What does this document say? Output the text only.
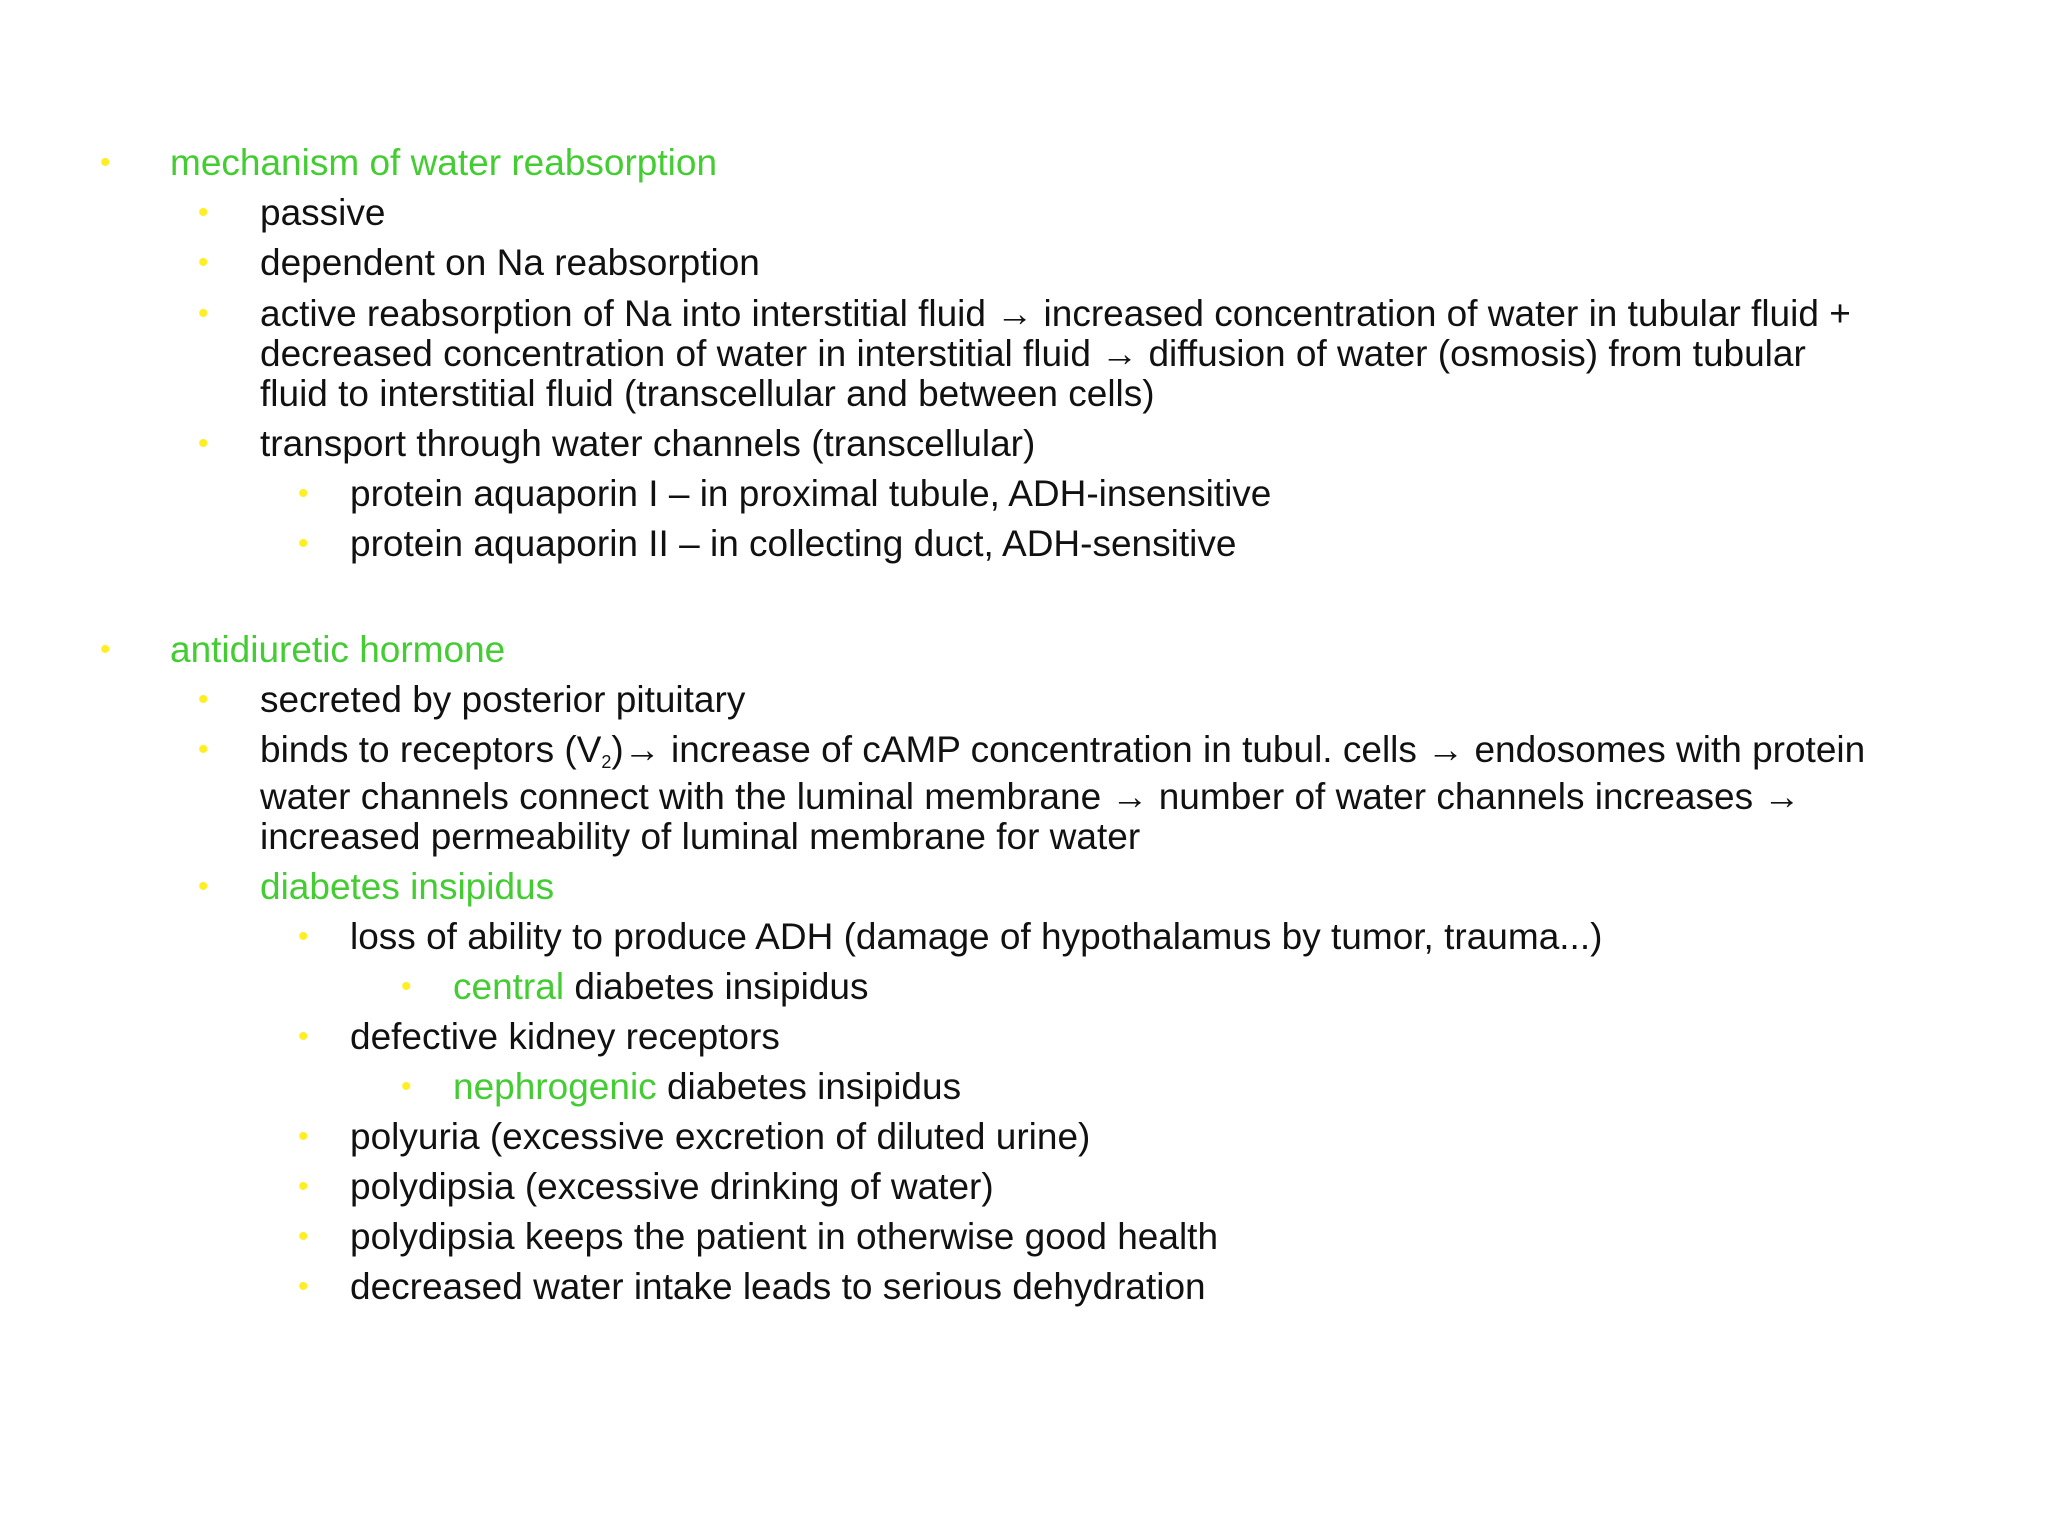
• mechanism of water reabsorption
• passive
• dependent on Na reabsorption
• active reabsorption of Na into interstitial fluid → increased concentration of water in tubular fluid +
decreased concentration of water in interstitial fluid → diffusion of water (osmosis) from tubular
fluid to interstitial fluid (transcellular and between cells)
• transport through water channels (transcellular)
• protein aquaporin I – in proximal tubule, ADH-insensitive
• protein aquaporin II – in collecting duct, ADH-sensitive
• antidiuretic hormone
• secreted by posterior pituitary
• binds to receptors $(V_2)\to$ increase of cAMP concentration in tubul. cells → endosomes with protein
water channels connect with the luminal membrane → number of water channels increases →
increased permeability of luminal membrane for water
• diabetes insipidus
• loss of ability to produce ADH (damage of hypothalamus by tumor, trauma...)
• central diabetes insipidus
• defective kidney receptors
• nephrogenic diabetes insipidus
• polyuria (excessive excretion of diluted urine)
• polydipsia (excessive drinking of water)
• polydipsia keeps the patient in otherwise good health
• decreased water intake leads to serious dehydration
